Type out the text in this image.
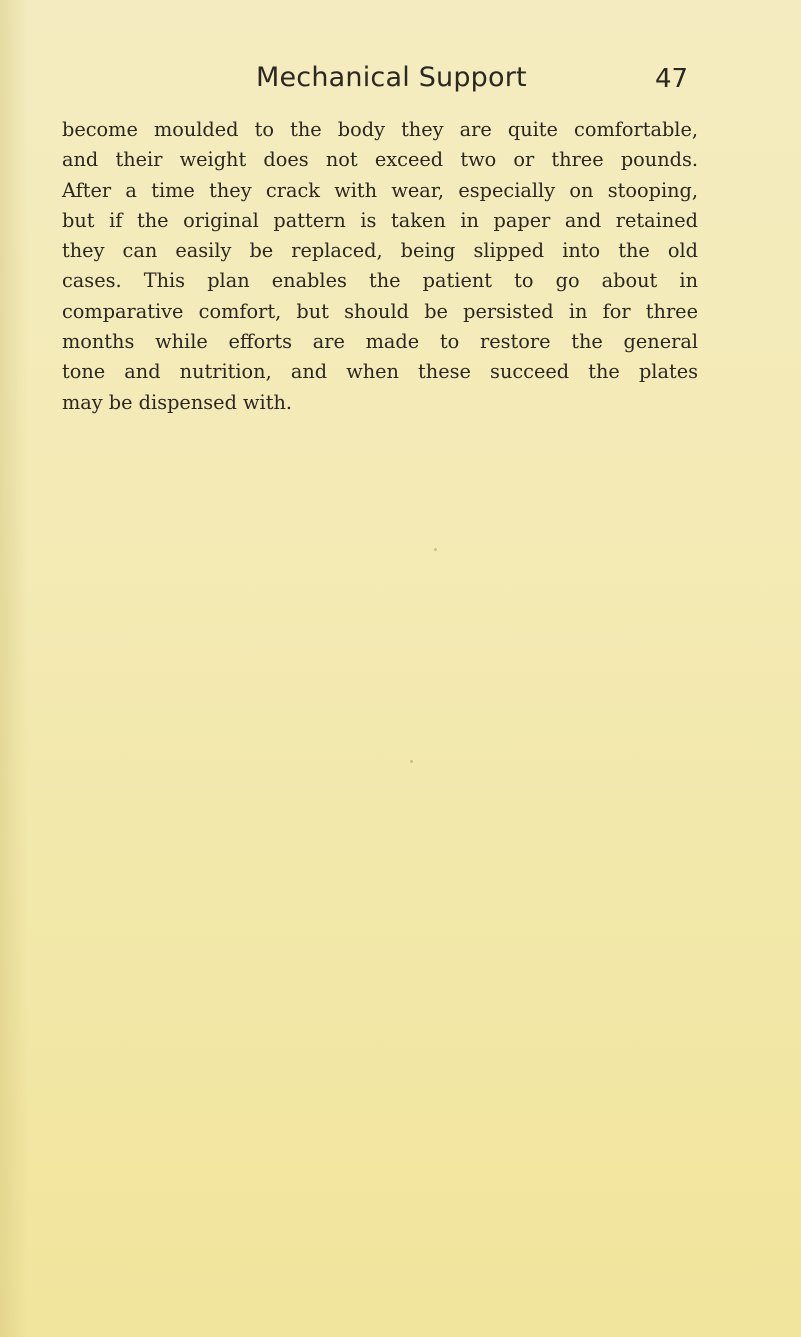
Mechanical Support	47
become moulded to the body they are quite comfortable,
and their weight does not exceed two or three pounds.
After a time they crack with wear, especially on stooping,
but if the original pattern is taken in paper and retained
they can easily be replaced, being slipped into the old
cases. This plan enables the patient to go about in
comparative comfort, but should be persisted in for three
months while efforts are made to restore the general
tone and nutrition, and when these succeed the plates
may be dispensed with.
